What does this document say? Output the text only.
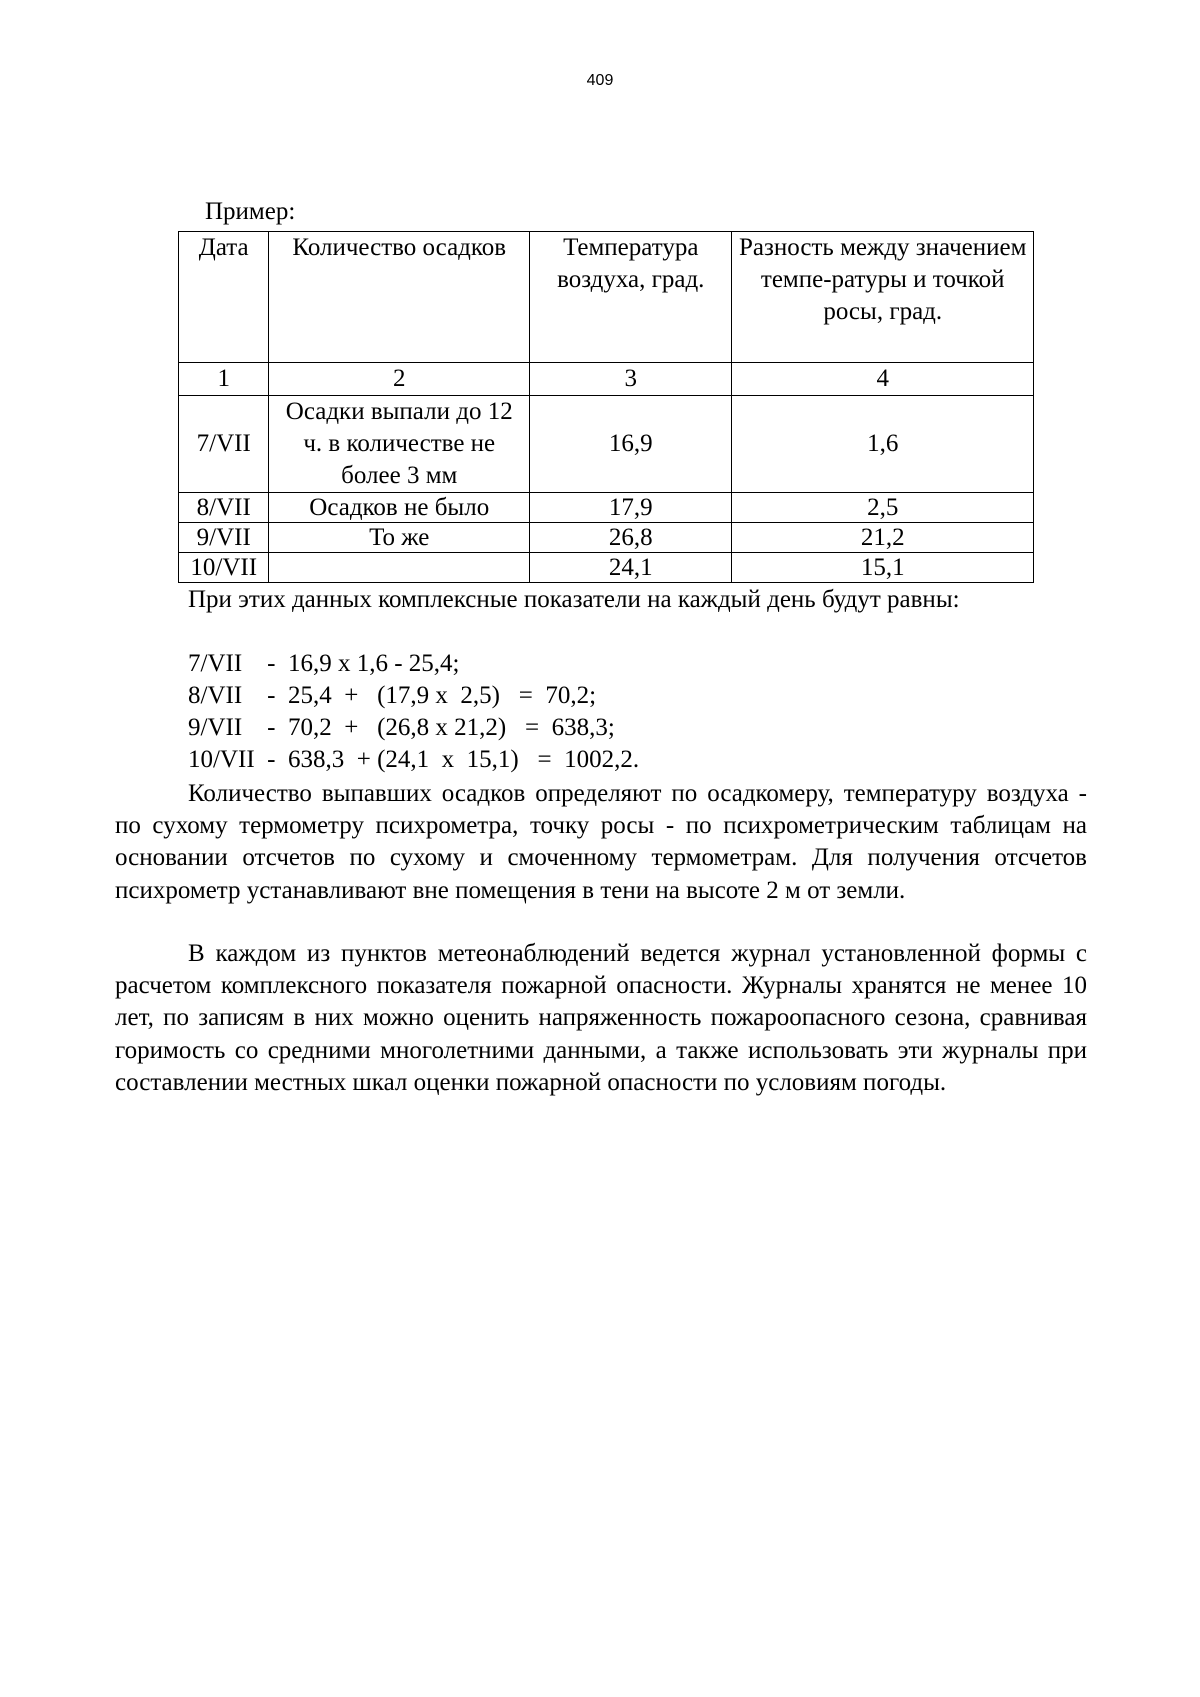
409
Пример:
Дата	Количество осадков	Температура воздуха, град.	Разность между значением темпе-ратуры и точкой росы, град.
1	2	3	4
7/VII	Осадки выпали до 12 ч. в количестве не более 3 мм	16,9	1,6
8/VII	Осадков не было	17,9	2,5
9/VII	То же	26,8	21,2
10/VII		24,1	15,1
При этих данных комплексные показатели на каждый день будут равны:
7/VII    -  16,9 х 1,6 - 25,4;
8/VII    -  25,4  +   (17,9 х  2,5)   =  70,2;
9/VII    -  70,2  +   (26,8 х 21,2)   =  638,3;
10/VII  -  638,3  + (24,1  х  15,1)   =  1002,2.

Количество выпавших осадков определяют по осадкомеру, температуру воздуха - по сухому термометру психрометра, точку росы - по психрометрическим таблицам на основании отсчетов по сухому и смоченному термометрам. Для получения отсчетов психрометр устанавливают вне помещения в тени на высоте 2 м от земли.

В каждом из пунктов метеонаблюдений ведется журнал установленной формы с расчетом комплексного показателя пожарной опасности. Журналы хранятся не менее 10 лет, по записям в них можно оценить напряженность пожароопасного сезона, сравнивая горимость со средними многолетними данными, а также использовать эти журналы при составлении местных шкал оценки пожарной опасности по условиям погоды.
